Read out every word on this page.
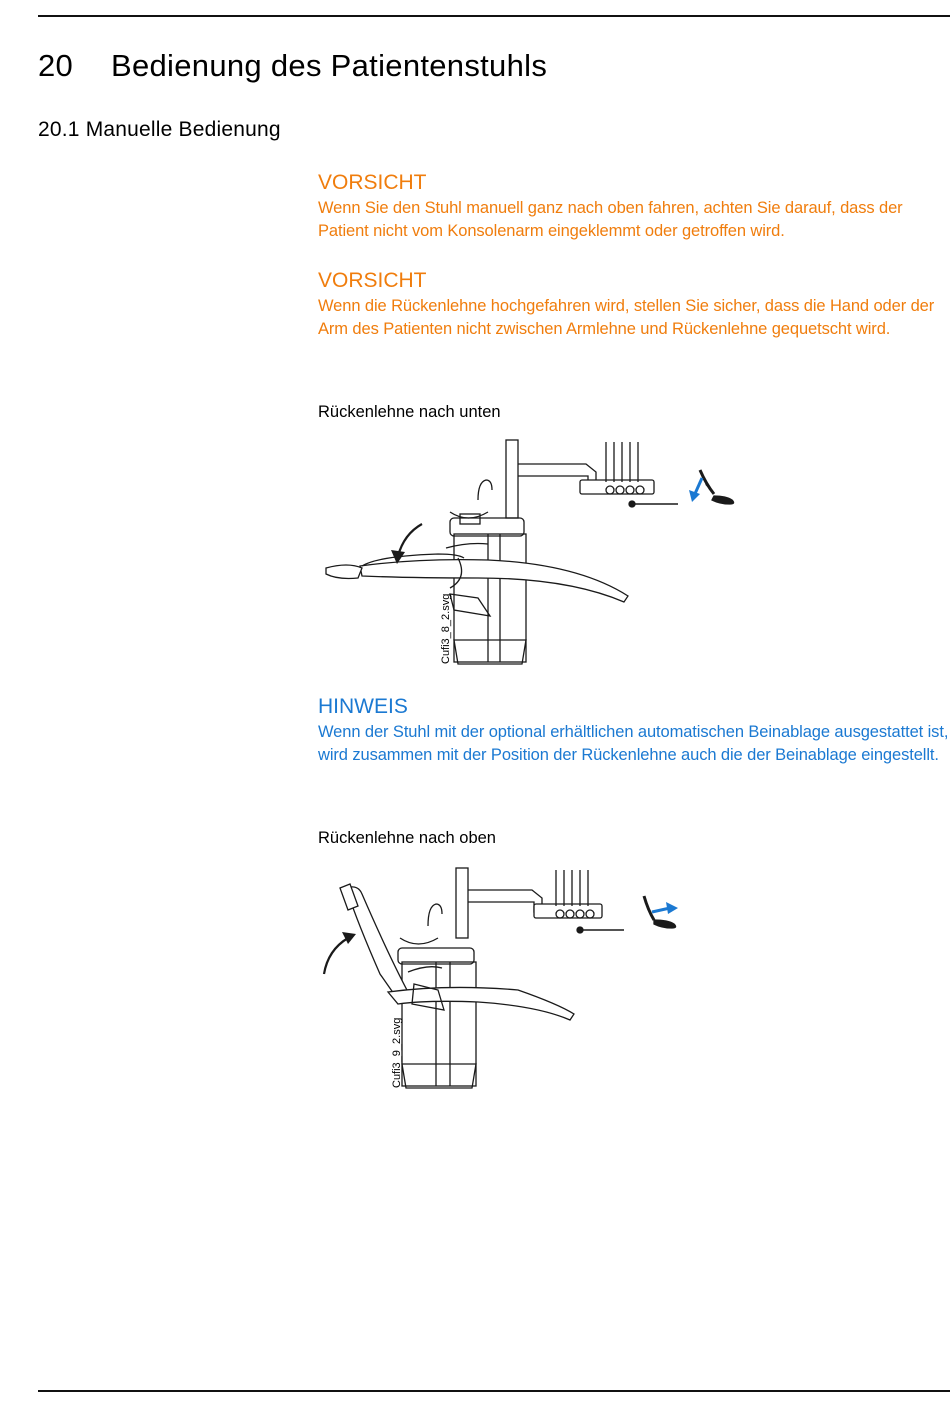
20 Bedienung des Patientenstuhls
20.1 Manuelle Bedienung
VORSICHT
Wenn Sie den Stuhl manuell ganz nach oben fahren, achten Sie darauf, dass der Patient nicht vom Konsolenarm eingeklemmt oder getroffen wird.
VORSICHT
Wenn die Rückenlehne hochgefahren wird, stellen Sie sicher, dass die Hand oder der Arm des Patienten nicht zwischen Armlehne und Rückenlehne gequetscht wird.
Rückenlehne nach unten
Cufi3_8_2.svg
HINWEIS
Wenn der Stuhl mit der optional erhältlichen automatischen Beinablage ausgestattet ist, wird zusammen mit der Position der Rückenlehne auch die der Beinablage eingestellt.
Rückenlehne nach oben
Cufi3_9_2.svg
